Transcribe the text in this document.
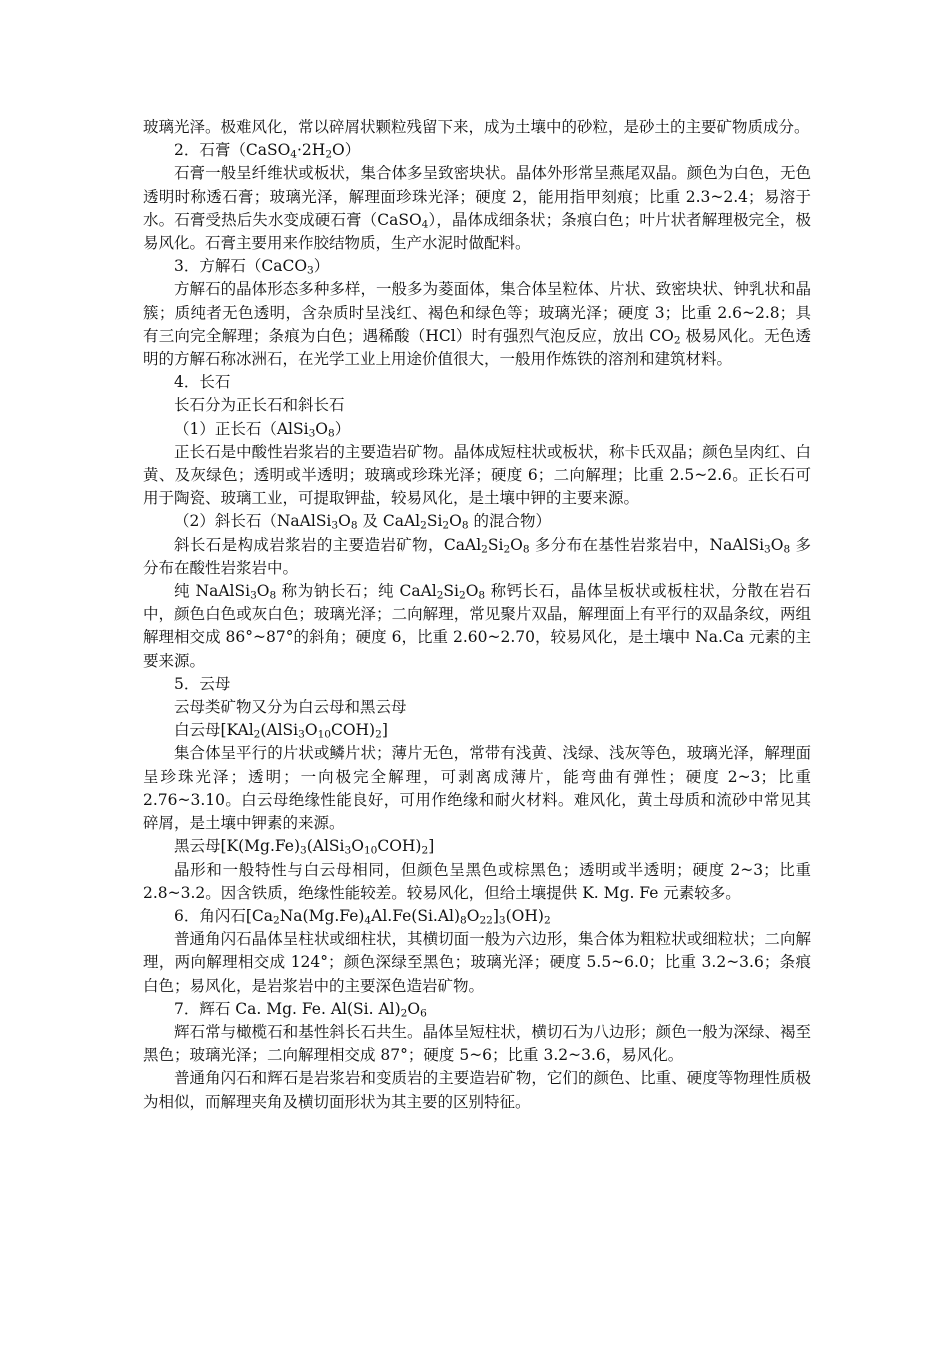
玻璃光泽。极难风化，常以碎屑状颗粒残留下来，成为土壤中的砂粒，是砂土的主要矿物质成分。

2．石膏$(CaSO_4\cdot 2H_2O)$

石膏一般呈纤维状或板状，集合体多呈致密块状。晶体外形常呈燕尾双晶。颜色为白色，无色透明时称透石膏；玻璃光泽，解理面珍珠光泽；硬度 2，能用指甲刻痕；比重 2.3~2.4；易溶于水。石膏受热后失水变成硬石膏（CaSO$_4$），晶体成细条状；条痕白色；叶片状者解理极完全，极易风化。石膏主要用来作胶结物质，生产水泥时做配料。

3．方解石（CaCO$_3$）

方解石的晶体形态多种多样，一般多为菱面体，集合体呈粒体、片状、致密块状、钟乳状和晶簇；质纯者无色透明，含杂质时呈浅红、褐色和绿色等；玻璃光泽；硬度 3；比重 2.6~2.8；具有三向完全解理；条痕为白色；遇稀酸（HCl）时有强烈气泡反应，放出 $CO_2$ 极易风化。无色透明的方解石称冰洲石，在光学工业上用途价值很大，一般用作炼铁的溶剂和建筑材料。

4．长石

长石分为正长石和斜长石

（1）正长石$(AlSi_3O_8)$

正长石是中酸性岩浆岩的主要造岩矿物。晶体成短柱状或板状，称卡氏双晶；颜色呈肉红、白黄、及灰绿色；透明或半透明；玻璃或珍珠光泽；硬度 6；二向解理；比重 2.5~2.6。正长石可用于陶瓷、玻璃工业，可提取钾盐，较易风化，是土壤中钾的主要来源。

（2）斜长石（$NaAlSi_3O_8$ 及 $CaAl_2Si_2O_8$ 的混合物）

斜长石是构成岩浆岩的主要造岩矿物，$CaAl_2Si_2O_8$ 多分布在基性岩浆岩中，$NaAlSi_3O_8$ 多分布在酸性岩浆岩中。

纯 $NaAlSi_3O_8$ 称为钠长石；纯 $CaAl_2Si_2O_8$ 称钙长石，晶体呈板状或板柱状，分散在岩石中，颜色白色或灰白色；玻璃光泽；二向解理，常见聚片双晶，解理面上有平行的双晶条纹，两组解理相交成 86°~87°的斜角；硬度 6，比重 2.60~2.70，较易风化，是土壤中 Na.Ca 元素的主要来源。

5．云母

云母类矿物又分为白云母和黑云母

白云母$[KAl_2(AlSi_3O_{10}COH)_2]$

集合体呈平行的片状或鳞片状；薄片无色，常带有浅黄、浅绿、浅灰等色，玻璃光泽，解理面呈珍珠光泽；透明；一向极完全解理，可剥离成薄片，能弯曲有弹性；硬度 2~3；比重 2.76~3.10。白云母绝缘性能良好，可用作绝缘和耐火材料。难风化，黄土母质和流砂中常见其碎屑，是土壤中钾素的来源。

黑云母$[K(Mg.Fe)_3(AlSi_3O_{10}COH)_2]$

晶形和一般特性与白云母相同，但颜色呈黑色或棕黑色；透明或半透明；硬度 2~3；比重 2.8~3.2。因含铁质，绝缘性能较差。较易风化，但给土壤提供 K. Mg. Fe 元素较多。

6．角闪石$[Ca_2Na(Mg.Fe)_4Al.Fe(Si.Al)_8O_{22}]_3(OH)_2$

普通角闪石晶体呈柱状或细柱状，其横切面一般为六边形，集合体为粗粒状或细粒状；二向解理，两向解理相交成 124°；颜色深绿至黑色；玻璃光泽；硬度 5.5~6.0；比重 3.2~3.6；条痕白色；易风化，是岩浆岩中的主要深色造岩矿物。

7．辉石 Ca. Mg. Fe. Al(Si. $Al)_2O_6$

辉石常与橄榄石和基性斜长石共生。晶体呈短柱状，横切石为八边形；颜色一般为深绿、褐至黑色；玻璃光泽；二向解理相交成 87°；硬度 5~6；比重 3.2~3.6，易风化。

普通角闪石和辉石是岩浆岩和变质岩的主要造岩矿物，它们的颜色、比重、硬度等物理性质极为相似，而解理夹角及横切面形状为其主要的区别特征。
